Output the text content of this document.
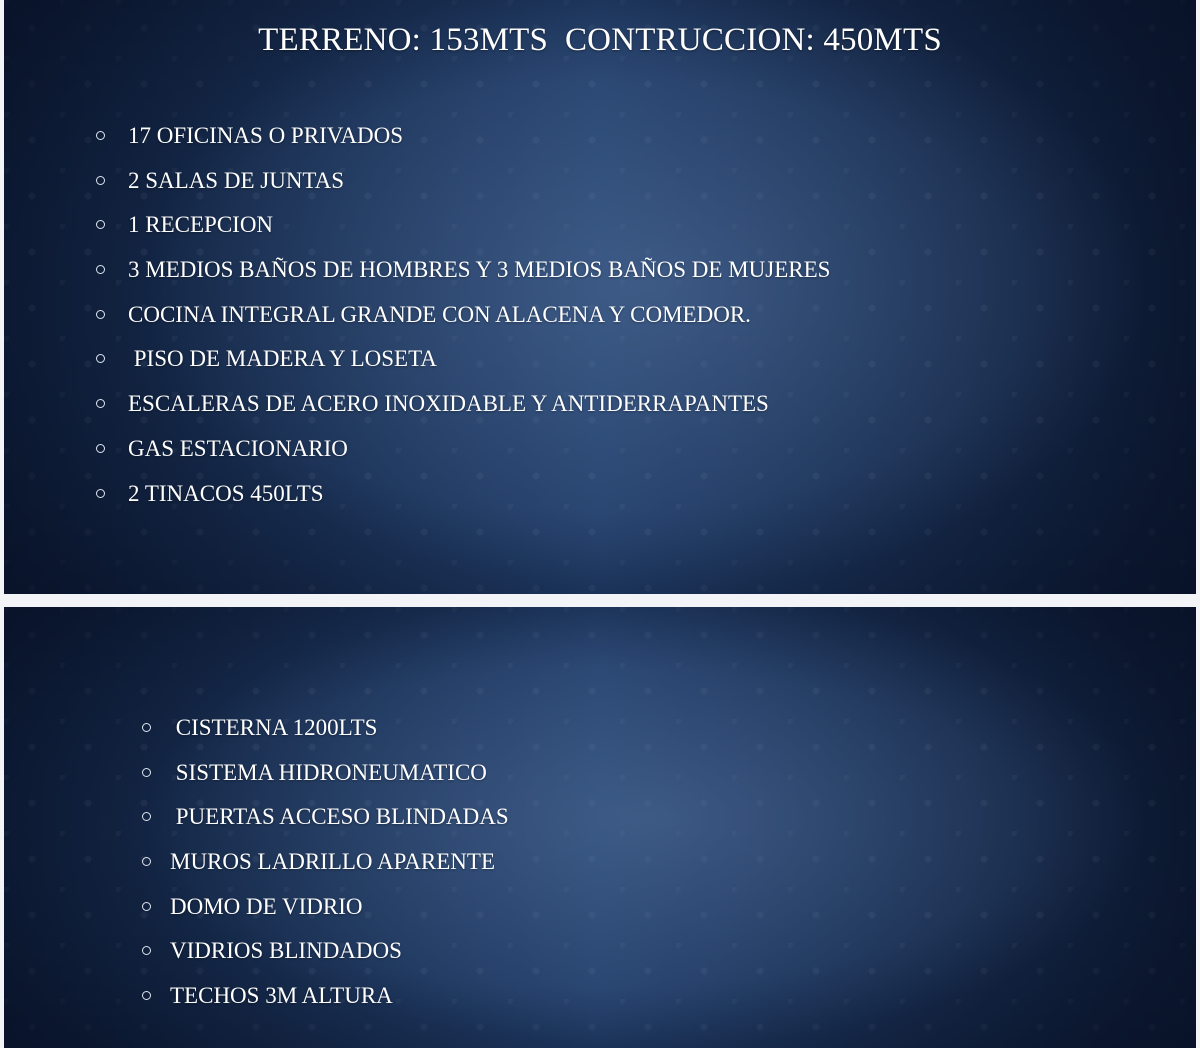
TERRENO: 153MTS  CONTRUCCION: 450MTS
17 OFICINAS O PRIVADOS
2 SALAS DE JUNTAS
1 RECEPCION
3 MEDIOS BAÑOS DE HOMBRES Y 3 MEDIOS BAÑOS DE MUJERES
COCINA INTEGRAL GRANDE CON ALACENA Y COMEDOR.
PISO DE MADERA Y LOSETA
ESCALERAS DE ACERO INOXIDABLE Y ANTIDERRAPANTES
GAS ESTACIONARIO
2 TINACOS 450LTS
CISTERNA 1200LTS
SISTEMA HIDRONEUMATICO
PUERTAS ACCESO BLINDADAS
MUROS LADRILLO APARENTE
DOMO DE VIDRIO
VIDRIOS BLINDADOS
TECHOS 3M ALTURA
